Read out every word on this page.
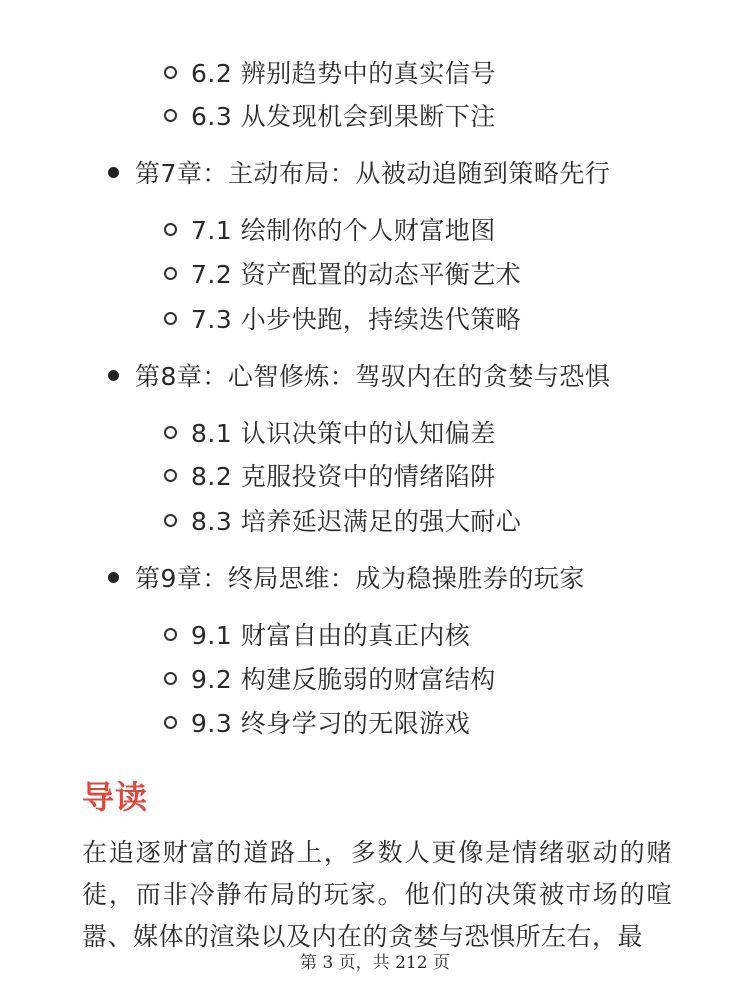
6.2 辨别趋势中的真实信号
6.3 从发现机会到果断下注
第7章：主动布局：从被动追随到策略先行
7.1 绘制你的个人财富地图
7.2 资产配置的动态平衡艺术
7.3 小步快跑，持续迭代策略
第8章：心智修炼：驾驭内在的贪婪与恐惧
8.1 认识决策中的认知偏差
8.2 克服投资中的情绪陷阱
8.3 培养延迟满足的强大耐心
第9章：终局思维：成为稳操胜券的玩家
9.1 财富自由的真正内核
9.2 构建反脆弱的财富结构
9.3 终身学习的无限游戏
导读

在追逐财富的道路上，多数人更像是情绪驱动的赌徒，而非冷静布局的玩家。他们的决策被市场的喧嚣、媒体的渲染以及内在的贪婪与恐惧所左右，最

第 3 页，共 212 页
